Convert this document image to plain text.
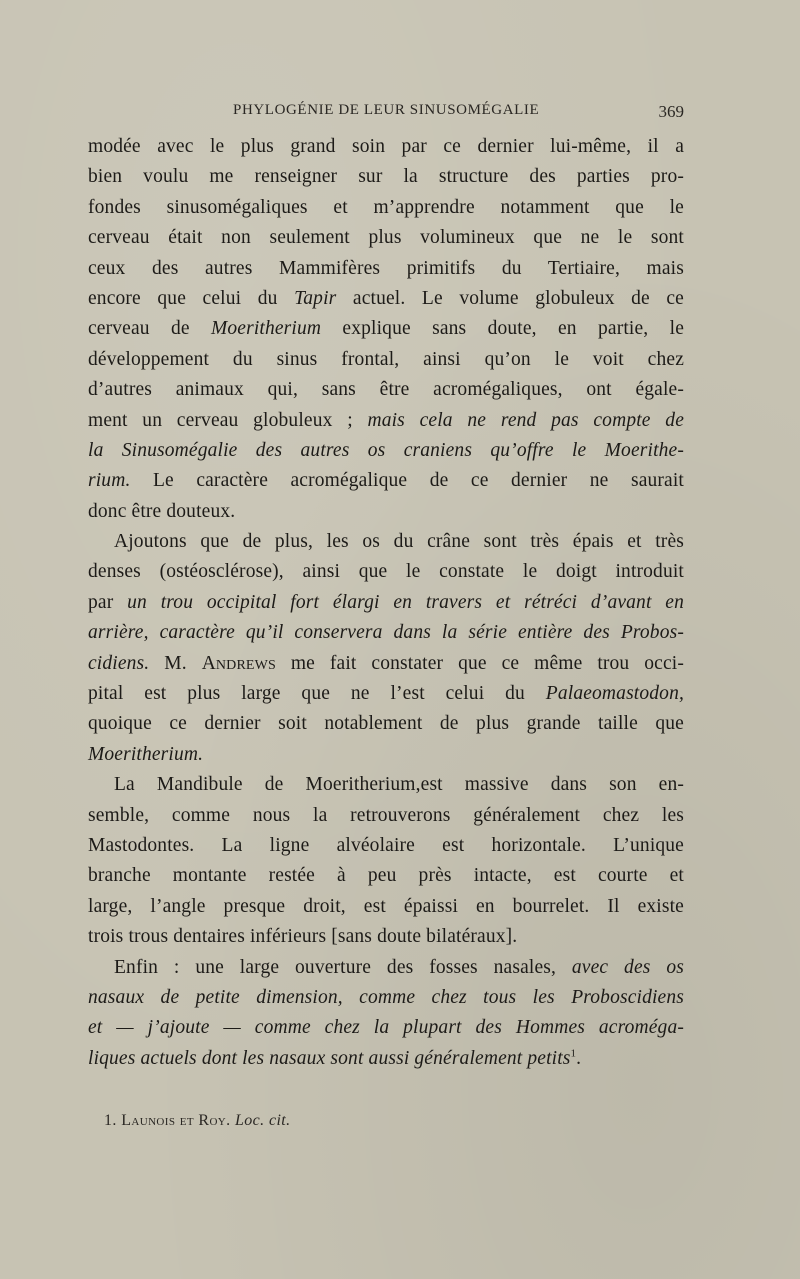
PHYLOGÉNIE DE LEUR SINUSOMÉGALIE	369
modée avec le plus grand soin par ce dernier lui-même, il a
bien voulu me renseigner sur la structure des parties pro-
fondes sinusomégaliques et m’apprendre notamment que le
cerveau était non seulement plus volumineux que ne le sont
ceux des autres Mammifères primitifs du Tertiaire, mais
encore que celui du Tapir actuel. Le volume globuleux de ce
cerveau de Moeritherium explique sans doute, en partie, le
développement du sinus frontal, ainsi qu’on le voit chez
d’autres animaux qui, sans être acromégaliques, ont égale-
ment un cerveau globuleux ; mais cela ne rend pas compte de
la Sinusomégalie des autres os craniens qu’offre le Moerithe-
rium. Le caractère acromégalique de ce dernier ne saurait
donc être douteux.
Ajoutons que de plus, les os du crâne sont très épais et très
denses (ostéosclérose), ainsi que le constate le doigt introduit
par un trou occipital fort élargi en travers et rétréci d’avant en
arrière, caractère qu’il conservera dans la série entière des Probos-
cidiens. M. Andrews me fait constater que ce même trou occi-
pital est plus large que ne l’est celui du Palaeomastodon,
quoique ce dernier soit notablement de plus grande taille que
Moeritherium.
La Mandibule de Moeritherium,est massive dans son en-
semble, comme nous la retrouverons généralement chez les
Mastodontes. La ligne alvéolaire est horizontale. L’unique
branche montante restée à peu près intacte, est courte et
large, l’angle presque droit, est épaissi en bourrelet. Il existe
trois trous dentaires inférieurs [sans doute bilatéraux].
Enfin : une large ouverture des fosses nasales, avec des os
nasaux de petite dimension, comme chez tous les Proboscidiens
et — j’ajoute — comme chez la plupart des Hommes acroméga-
liques actuels dont les nasaux sont aussi généralement petits$^1$.
1. Launois et Roy. Loc. cit.
